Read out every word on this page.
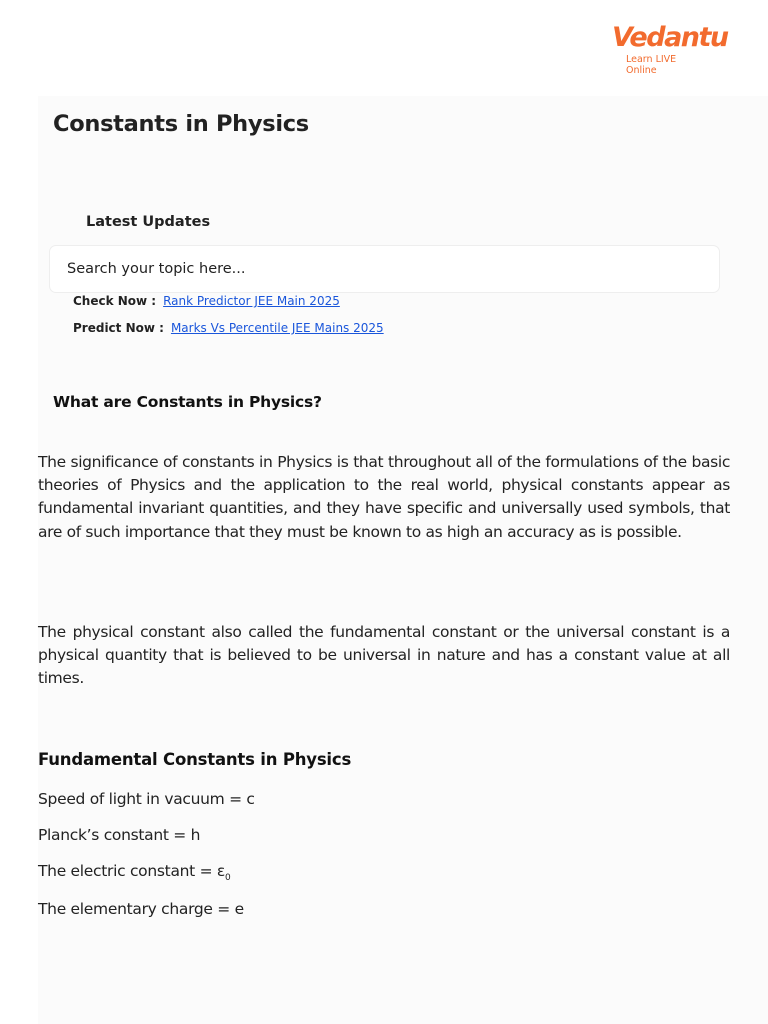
Vedantu
Learn LIVE Online
Constants in Physics
Latest Updates
Search your topic here...
Check Now : Rank Predictor JEE Main 2025
Predict Now : Marks Vs Percentile JEE Mains 2025
What are Constants in Physics?

The significance of constants in Physics is that throughout all of the formulations of the basic theories of Physics and the application to the real world, physical constants appear as fundamental invariant quantities, and they have specific and universally used symbols, that are of such importance that they must be known to as high an accuracy as is possible.

The physical constant also called the fundamental constant or the universal constant is a physical quantity that is believed to be universal in nature and has a constant value at all times.

Fundamental Constants in Physics
Speed of light in vacuum = c
Planck’s constant = h
The electric constant = $\varepsilon_0$
The elementary charge = e
